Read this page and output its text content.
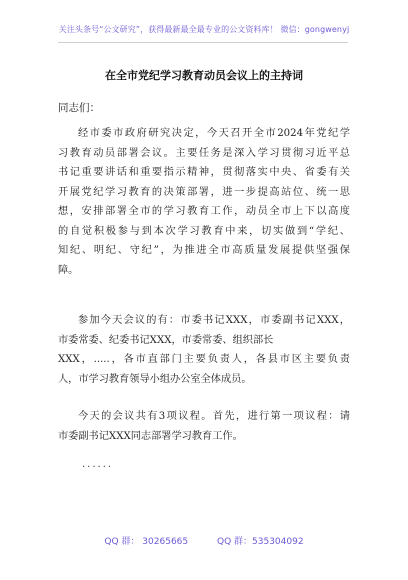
关注头条号“公文研究”，获得最新最全最专业的公文资料库！ 微信：gongwenyj
在全市党纪学习教育动员会议上的主持词
同志们：
经市委市政府研究决定，今天召开全市2024年党纪学
习教育动员部署会议。主要任务是深入学习贯彻习近平总
书记重要讲话和重要指示精神，贯彻落实中央、省委有关
开展党纪学习教育的决策部署，进一步提高站位、统一思
想，安排部署全市的学习教育工作，动员全市上下以高度
的自觉积极参与到本次学习教育中来，切实做到“学纪、
知纪、明纪、守纪”，为推进全市高质量发展提供坚强保
障。
参加今天会议的有：市委书记XXX，市委副书记XXX，
市委常委、纪委书记XXX，市委常委、组织部长
XXX，.....，各市直部门主要负责人，各县市区主要负责
人，市学习教育领导小组办公室全体成员。
今天的会议共有3项议程。首先，进行第一项议程：请
市委副书记XXX同志部署学习教育工作。
......
QQ 群： 30265665	QQ 群：535304092
